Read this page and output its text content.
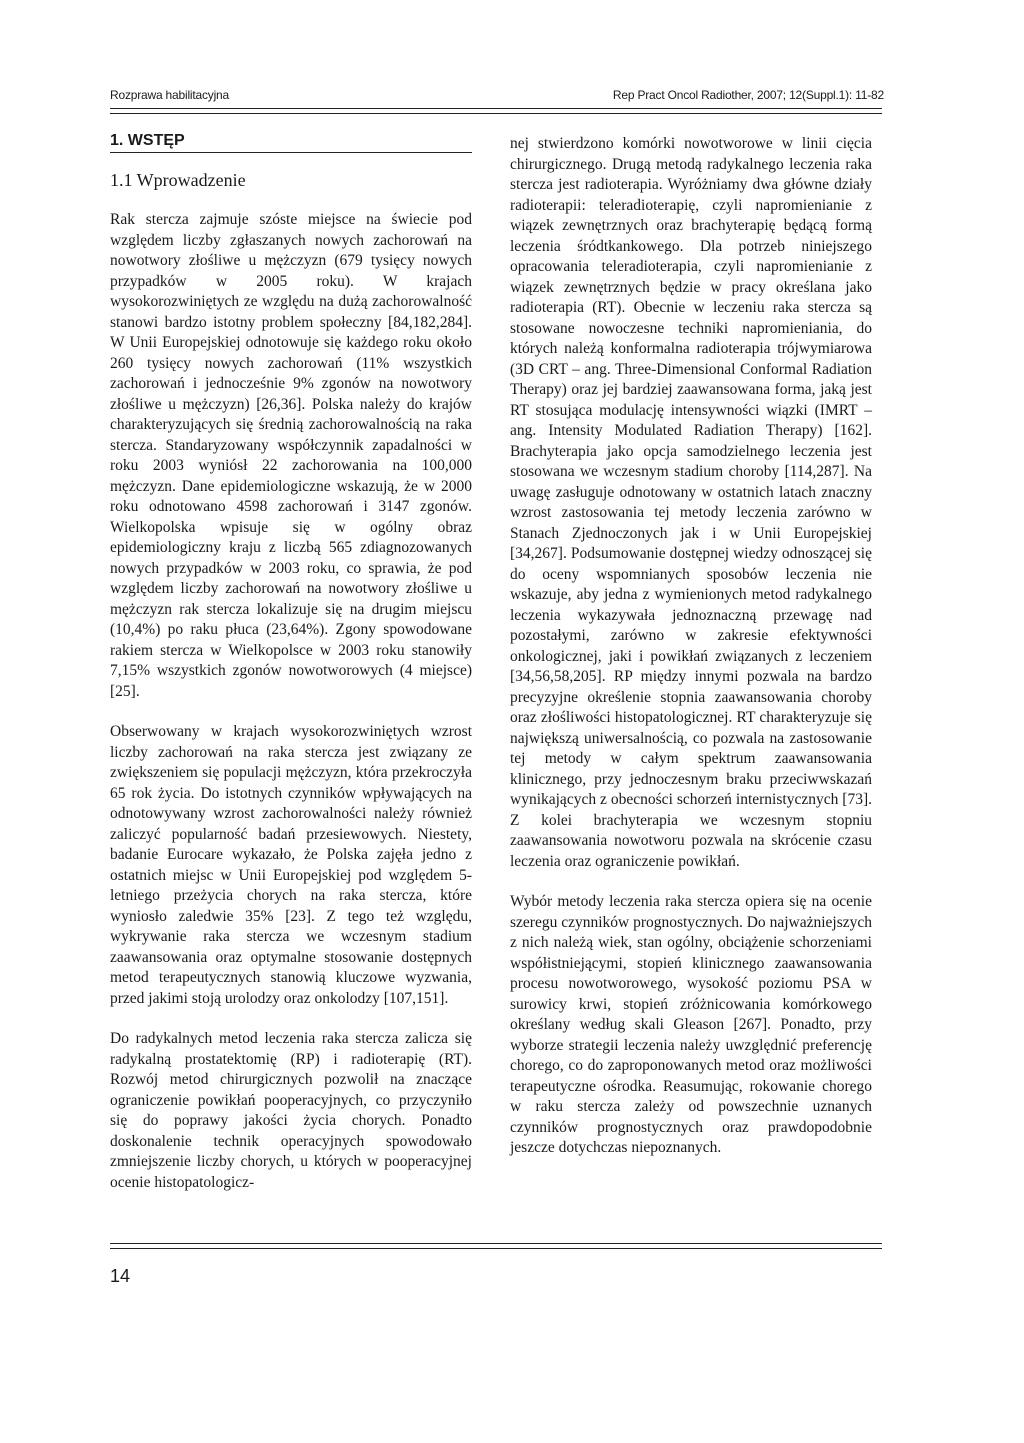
Rozprawa habilitacyjna	Rep Pract Oncol Radiother, 2007; 12(Suppl.1): 11-82
1. WSTĘP
1.1 Wprowadzenie

Rak stercza zajmuje szóste miejsce na świecie pod względem liczby zgłaszanych nowych zachorowań na nowotwory złośliwe u mężczyzn (679 tysięcy nowych przypadków w 2005 roku). W krajach wysokorozwiniętych ze względu na dużą zachorowalność stanowi bardzo istotny problem społeczny [84,182,284]. W Unii Europejskiej odnotowuje się każdego roku około 260 tysięcy nowych zachorowań (11% wszystkich zachorowań i jednocześnie 9% zgonów na nowotwory złośliwe u mężczyzn) [26,36]. Polska należy do krajów charakteryzujących się średnią zachorowalnością na raka stercza. Standaryzowany współczynnik zapadalności w roku 2003 wyniósł 22 zachorowania na 100,000 mężczyzn. Dane epidemiologiczne wskazują, że w 2000 roku odnotowano 4598 zachorowań i 3147 zgonów. Wielkopolska wpisuje się w ogólny obraz epidemiologiczny kraju z liczbą 565 zdiagnozowanych nowych przypadków w 2003 roku, co sprawia, że pod względem liczby zachorowań na nowotwory złośliwe u mężczyzn rak stercza lokalizuje się na drugim miejscu (10,4%) po raku płuca (23,64%). Zgony spowodowane rakiem stercza w Wielkopolsce w 2003 roku stanowiły 7,15% wszystkich zgonów nowotworowych (4 miejsce) [25].

Obserwowany w krajach wysokorozwiniętych wzrost liczby zachorowań na raka stercza jest związany ze zwiększeniem się populacji mężczyzn, która przekroczyła 65 rok życia. Do istotnych czynników wpływających na odnotowywany wzrost zachorowalności należy również zaliczyć popularność badań przesiewowych. Niestety, badanie Eurocare wykazało, że Polska zajęła jedno z ostatnich miejsc w Unii Europejskiej pod względem 5-letniego przeżycia chorych na raka stercza, które wyniosło zaledwie 35% [23]. Z tego też względu, wykrywanie raka stercza we wczesnym stadium zaawansowania oraz optymalne stosowanie dostępnych metod terapeutycznych stanowią kluczowe wyzwania, przed jakimi stoją urolodzy oraz onkolodzy [107,151].

Do radykalnych metod leczenia raka stercza zalicza się radykalną prostatektomię (RP) i radioterapię (RT). Rozwój metod chirurgicznych pozwolił na znaczące ograniczenie powikłań pooperacyjnych, co przyczyniło się do poprawy jakości życia chorych. Ponadto doskonalenie technik operacyjnych spowodowało zmniejszenie liczby chorych, u których w pooperacyjnej ocenie histopatologicz-

nej stwierdzono komórki nowotworowe w linii cięcia chirurgicznego. Drugą metodą radykalnego leczenia raka stercza jest radioterapia. Wyróżniamy dwa główne działy radioterapii: teleradioterapię, czyli napromienianie z wiązek zewnętrznych oraz brachyterapię będącą formą leczenia śródtkankowego. Dla potrzeb niniejszego opracowania teleradioterapia, czyli napromienianie z wiązek zewnętrznych będzie w pracy określana jako radioterapia (RT). Obecnie w leczeniu raka stercza są stosowane nowoczesne techniki napromieniania, do których należą konformalna radioterapia trójwymiarowa (3D CRT – ang. Three-Dimensional Conformal Radiation Therapy) oraz jej bardziej zaawansowana forma, jaką jest RT stosująca modulację intensywności wiązki (IMRT – ang. Intensity Modulated Radiation Therapy) [162]. Brachyterapia jako opcja samodzielnego leczenia jest stosowana we wczesnym stadium choroby [114,287]. Na uwagę zasługuje odnotowany w ostatnich latach znaczny wzrost zastosowania tej metody leczenia zarówno w Stanach Zjednoczonych jak i w Unii Europejskiej [34,267]. Podsumowanie dostępnej wiedzy odnoszącej się do oceny wspomnianych sposobów leczenia nie wskazuje, aby jedna z wymienionych metod radykalnego leczenia wykazywała jednoznaczną przewagę nad pozostałymi, zarówno w zakresie efektywności onkologicznej, jaki i powikłań związanych z leczeniem [34,56,58,205]. RP między innymi pozwala na bardzo precyzyjne określenie stopnia zaawansowania choroby oraz złośliwości histopatologicznej. RT charakteryzuje się największą uniwersalnością, co pozwala na zastosowanie tej metody w całym spektrum zaawansowania klinicznego, przy jednoczesnym braku przeciwwskazań wynikających z obecności schorzeń internistycznych [73]. Z kolei brachyterapia we wczesnym stopniu zaawansowania nowotworu pozwala na skrócenie czasu leczenia oraz ograniczenie powikłań.

Wybór metody leczenia raka stercza opiera się na ocenie szeregu czynników prognostycznych. Do najważniejszych z nich należą wiek, stan ogólny, obciążenie schorzeniami współistniejącymi, stopień klinicznego zaawansowania procesu nowotworowego, wysokość poziomu PSA w surowicy krwi, stopień zróżnicowania komórkowego określany według skali Gleason [267]. Ponadto, przy wyborze strategii leczenia należy uwzględnić preferencję chorego, co do zaproponowanych metod oraz możliwości terapeutyczne ośrodka. Reasumując, rokowanie chorego w raku stercza zależy od powszechnie uznanych czynników prognostycznych oraz prawdopodobnie jeszcze dotychczas niepoznanych.

14
